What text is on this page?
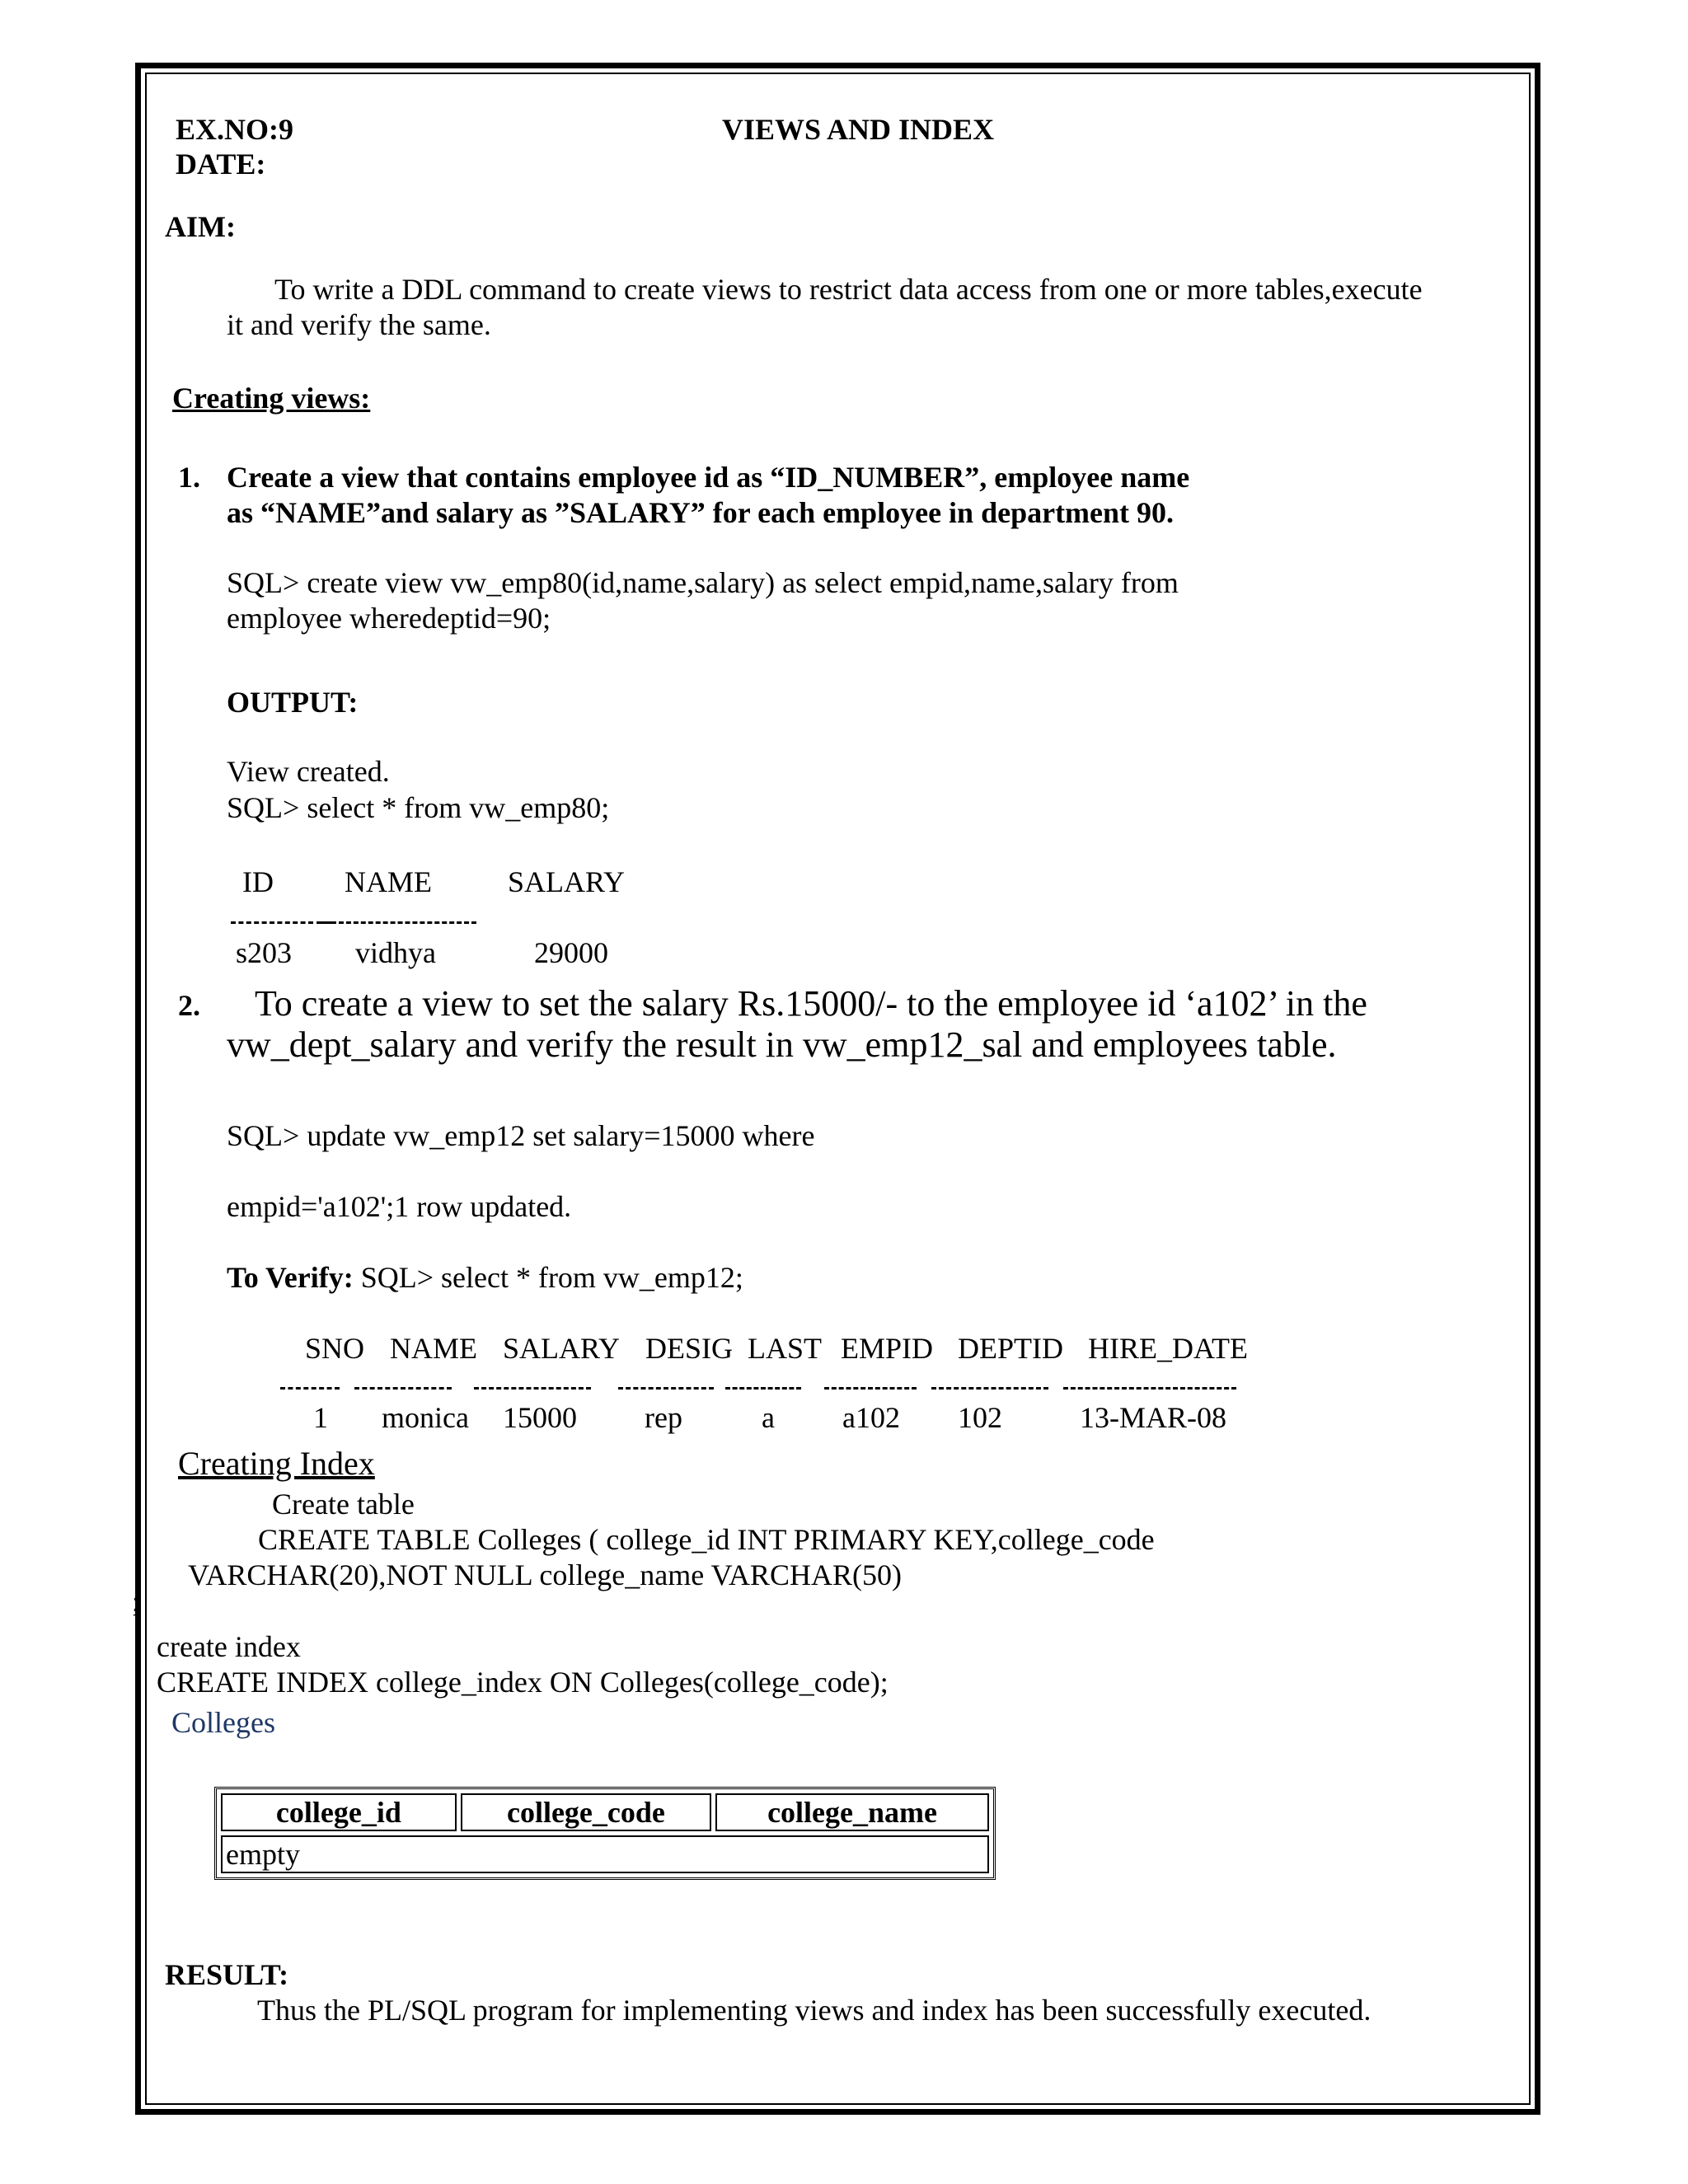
EX.NO:9
DATE:
VIEWS AND INDEX
AIM:
To write a DDL command to create views to restrict data access from one or more tables,execute
it and verify the same.
Creating views:
1. Create a view that contains employee id as “ID_NUMBER”, employee name
as “NAME”and salary as ”SALARY” for each employee in department 90.
SQL> create view vw_emp80(id,name,salary) as select empid,name,salary from
employee wheredeptid=90;
OUTPUT:
View created.
SQL> select * from vw_emp80;
ID NAME	SALARY
s203 vidhya	29000
2. To create a view to set the salary Rs.15000/- to the employee id ‘a102’ in the
vw_dept_salary and verify the result in vw_emp12_sal and employees table.
SQL> update vw_emp12 set salary=15000 where
empid='a102';1 row updated.
To Verify: SQL> select * from vw_emp12;
SNO NAME SALARY DESIG LAST EMPID DEPTID HIRE_DATE
1 monica 15000 rep	a a102 102	13-MAR-08
Creating Index
Create table
CREATE TABLE Colleges ( college_id INT PRIMARY KEY,college_code
VARCHAR(20),NOT NULL college_name VARCHAR(50)
;
create index
CREATE INDEX college_index ON Colleges(college_code);
Colleges
college_id	college_code	college_name
empty
RESULT:
Thus the PL/SQL program for implementing views and index has been successfully executed.
